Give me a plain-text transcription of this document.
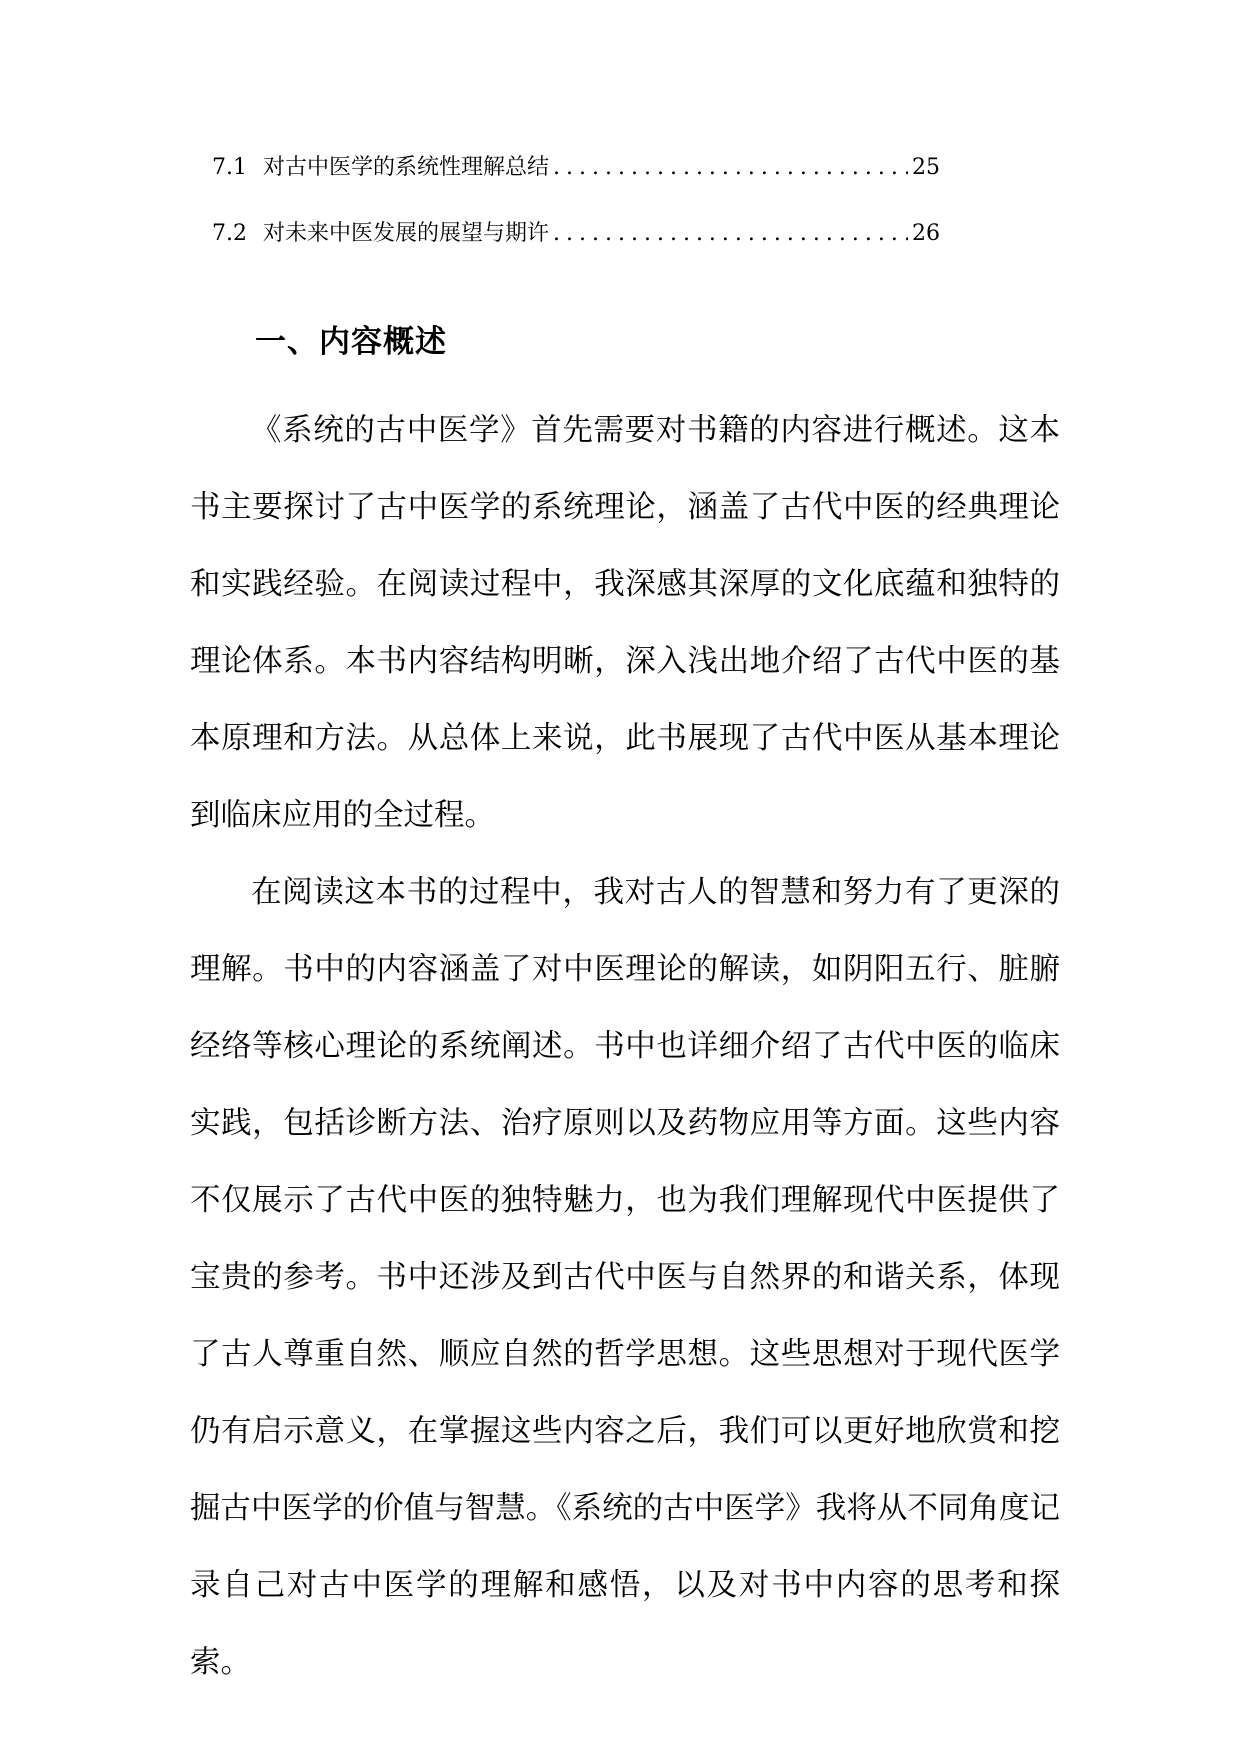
7.1 对古中医学的系统性理解总结 .....	25
7.2 对未来中医发展的展望与期许 .....	26
一、内容概述

《系统的古中医学》首先需要对书籍的内容进行概述。这本书主要探讨了古中医学的系统理论，涵盖了古代中医的经典理论和实践经验。在阅读过程中，我深感其深厚的文化底蕴和独特的理论体系。本书内容结构明晰，深入浅出地介绍了古代中医的基本原理和方法。从总体上来说，此书展现了古代中医从基本理论到临床应用的全过程。

在阅读这本书的过程中，我对古人的智慧和努力有了更深的理解。书中的内容涵盖了对中医理论的解读，如阴阳五行、脏腑经络等核心理论的系统阐述。书中也详细介绍了古代中医的临床实践，包括诊断方法、治疗原则以及药物应用等方面。这些内容不仅展示了古代中医的独特魅力，也为我们理解现代中医提供了宝贵的参考。书中还涉及到古代中医与自然界的和谐关系，体现了古人尊重自然、顺应自然的哲学思想。这些思想对于现代医学仍有启示意义，在掌握这些内容之后，我们可以更好地欣赏和挖掘古中医学的价值与智慧。《系统的古中医学》我将从不同角度记录自己对古中医学的理解和感悟，以及对书中内容的思考和探索。
